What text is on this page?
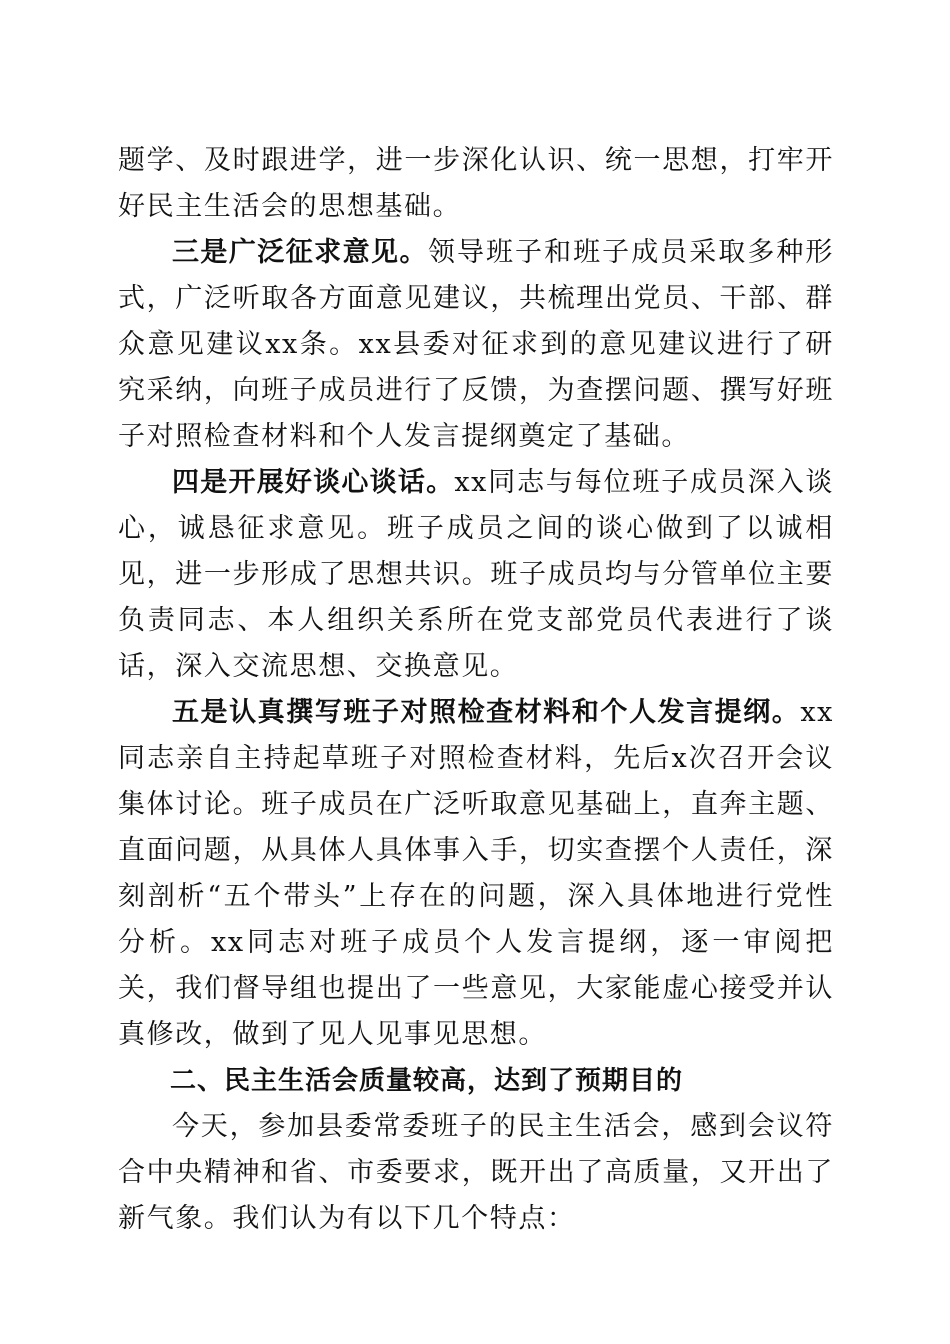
题学、及时跟进学，进一步深化认识、统一思想，打牢开好民主生活会的思想基础。

三是广泛征求意见。领导班子和班子成员采取多种形式，广泛听取各方面意见建议，共梳理出党员、干部、群众意见建议xx条。xx县委对征求到的意见建议进行了研究采纳，向班子成员进行了反馈，为查摆问题、撰写好班子对照检查材料和个人发言提纲奠定了基础。

四是开展好谈心谈话。xx同志与每位班子成员深入谈心，诚恳征求意见。班子成员之间的谈心做到了以诚相见，进一步形成了思想共识。班子成员均与分管单位主要负责同志、本人组织关系所在党支部党员代表进行了谈话，深入交流思想、交换意见。

五是认真撰写班子对照检查材料和个人发言提纲。xx同志亲自主持起草班子对照检查材料，先后x次召开会议集体讨论。班子成员在广泛听取意见基础上，直奔主题、直面问题，从具体人具体事入手，切实查摆个人责任，深刻剖析“五个带头”上存在的问题，深入具体地进行党性分析。xx同志对班子成员个人发言提纲，逐一审阅把关，我们督导组也提出了一些意见，大家能虚心接受并认真修改，做到了见人见事见思想。

二、民主生活会质量较高，达到了预期目的

今天，参加县委常委班子的民主生活会，感到会议符合中央精神和省、市委要求，既开出了高质量，又开出了新气象。我们认为有以下几个特点：
